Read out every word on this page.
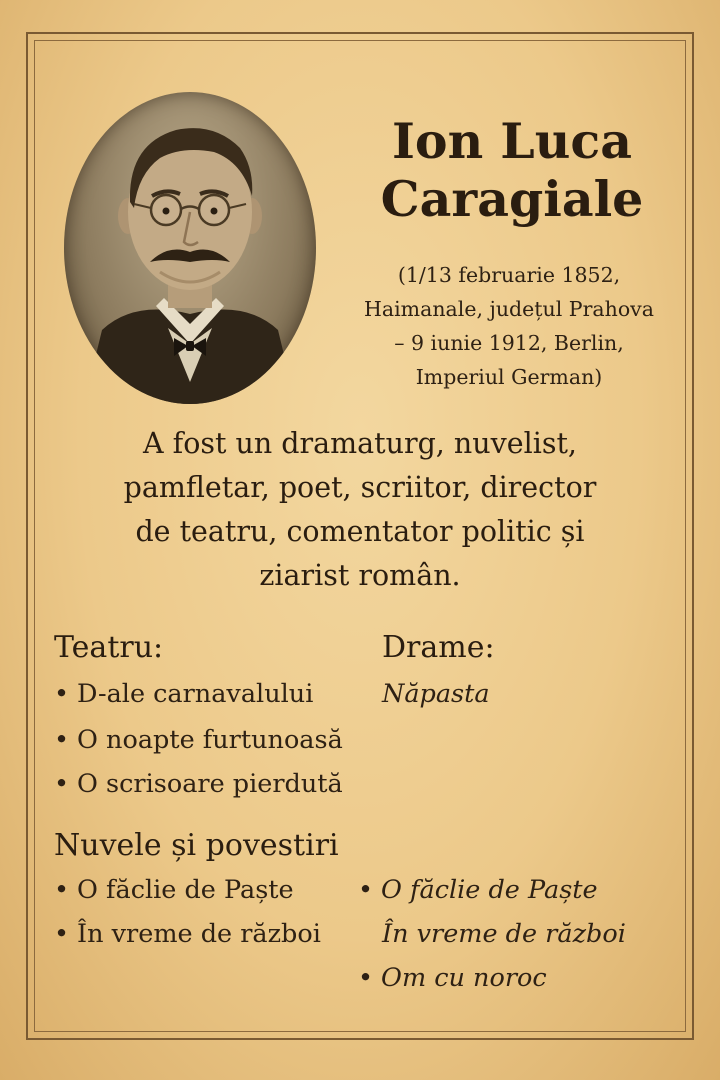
Ion Luca
Caragiale
(1/13 februarie 1852,
Haimanale, județul Prahova
– 9 iunie 1912, Berlin,
Imperiul German)
A fost un dramaturg, nuvelist,
pamfletar, poet, scriitor, director
de teatru, comentator politic și
ziarist român.
Teatru:
• D-ale carnavalului
• O noapte furtunoasă
• O scrisoare pierdută
Drame:
Năpasta
Nuvele și povestiri
• O făclie de Paște
• În vreme de război
• O făclie de Paște
În vreme de război
• Om cu noroc
